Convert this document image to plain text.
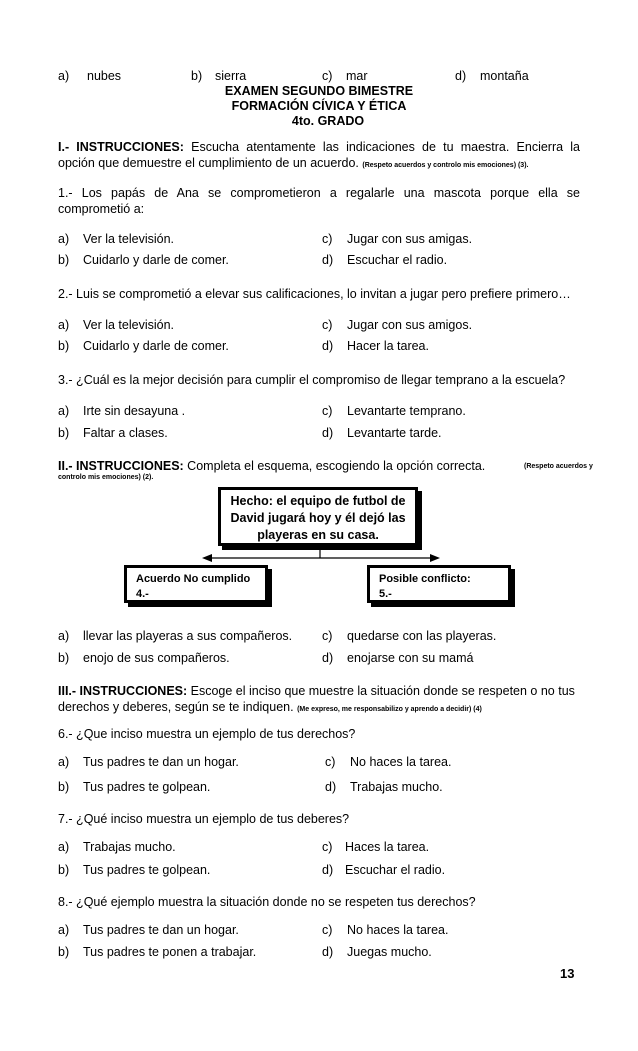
a) nubes	b) sierra	c) mar	d) montaña
EXAMEN SEGUNDO BIMESTRE
FORMACIÓN CÍVICA Y ÉTICA
4to. GRADO
I.- INSTRUCCIONES: Escucha atentamente las indicaciones de tu maestra. Encierra la
opción que demuestre el cumplimiento de un acuerdo. (Respeto acuerdos y controlo mis emociones) (3).
1.- Los papás de Ana se comprometieron a regalarle una mascota porque ella se
comprometió a:
a) Ver la televisión.	c) Jugar con sus amigas.
b) Cuidarlo y darle de comer.	d) Escuchar el radio.
2.- Luis se comprometió a elevar sus calificaciones, lo invitan a jugar pero prefiere primero…
a) Ver la televisión.	c) Jugar con sus amigos.
b) Cuidarlo y darle de comer.	d) Hacer la tarea.
3.- ¿Cuál es la mejor decisión para cumplir el compromiso de llegar temprano a la escuela?
a) Irte sin desayuna .	c) Levantarte temprano.
b) Faltar a clases.	d) Levantarte tarde.
II.- INSTRUCCIONES: Completa el esquema, escogiendo la opción correcta.	(Respeto acuerdos y
controlo mis emociones) (2).
Hecho: el equipo de futbol de
David jugará hoy y él dejó las
playeras en su casa.
Acuerdo No cumplido
4.-
Posible conflicto:
5.-
a) llevar las playeras a sus compañeros. c) quedarse con las playeras.
b) enojo de sus compañeros.	d) enojarse con su mamá
III.- INSTRUCCIONES: Escoge el inciso que muestre la situación donde se respeten o no tus
derechos y deberes, según se te indiquen. (Me expreso, me responsabilizo y aprendo a decidir) (4)
6.- ¿Que inciso muestra un ejemplo de tus derechos?
a) Tus padres te dan un hogar.	c) No haces la tarea.
b) Tus padres te golpean.	d) Trabajas mucho.
7.- ¿Qué inciso muestra un ejemplo de tus deberes?
a) Trabajas mucho.	c) Haces la tarea.
b) Tus padres te golpean.	d) Escuchar el radio.
8.- ¿Qué ejemplo muestra la situación donde no se respeten tus derechos?
a) Tus padres te dan un hogar.	c) No haces la tarea.
b) Tus padres te ponen a trabajar.	d) Juegas mucho.
13
